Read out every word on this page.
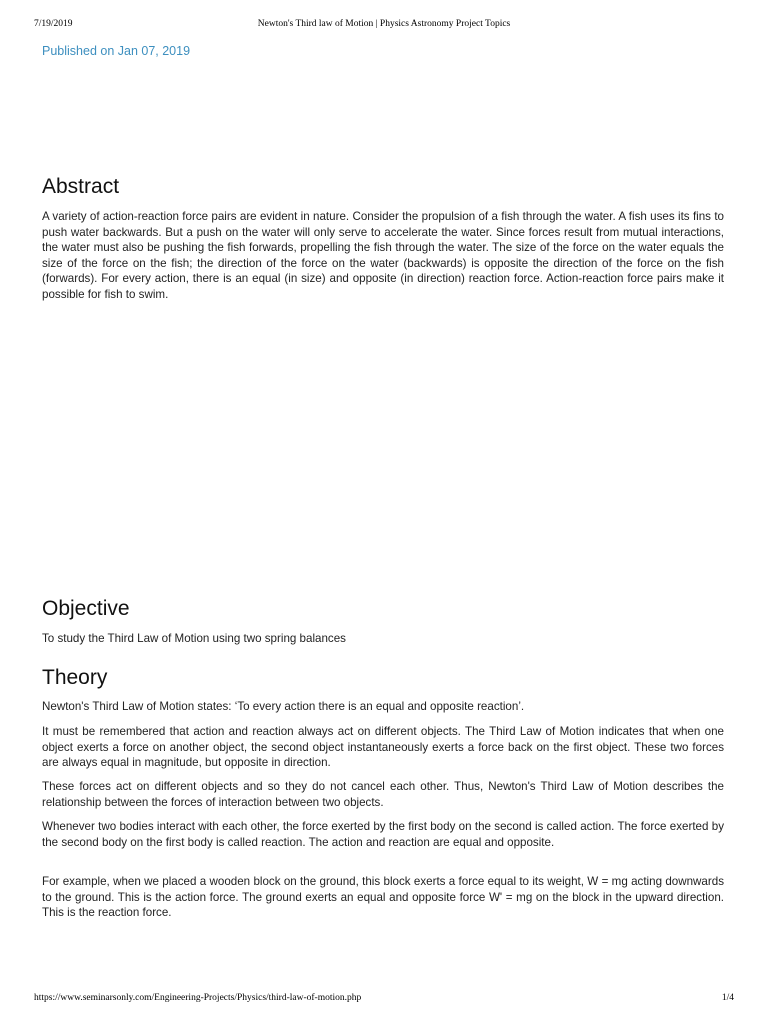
7/19/2019	Newton's Third law of Motion | Physics Astronomy Project Topics
Published on Jan 07, 2019
Abstract

A variety of action-reaction force pairs are evident in nature. Consider the propulsion of a fish through the water. A fish uses its fins to push water backwards. But a push on the water will only serve to accelerate the water. Since forces result from mutual interactions, the water must also be pushing the fish forwards, propelling the fish through the water. The size of the force on the water equals the size of the force on the fish; the direction of the force on the water (backwards) is opposite the direction of the force on the fish (forwards). For every action, there is an equal (in size) and opposite (in direction) reaction force. Action-reaction force pairs make it possible for fish to swim.

Objective

To study the Third Law of Motion using two spring balances

Theory

Newton's Third Law of Motion states: ‘To every action there is an equal and opposite reaction’.

It must be remembered that action and reaction always act on different objects. The Third Law of Motion indicates that when one object exerts a force on another object, the second object instantaneously exerts a force back on the first object. These two forces are always equal in magnitude, but opposite in direction.

These forces act on different objects and so they do not cancel each other. Thus, Newton's Third Law of Motion describes the relationship between the forces of interaction between two objects.

Whenever two bodies interact with each other, the force exerted by the first body on the second is called action. The force exerted by the second body on the first body is called reaction. The action and reaction are equal and opposite.

For example, when we placed a wooden block on the ground, this block exerts a force equal to its weight, W = mg acting downwards to the ground. This is the action force. The ground exerts an equal and opposite force W' = mg on the block in the upward direction. This is the reaction force.

https://www.seminarsonly.com/Engineering-Projects/Physics/third-law-of-motion.php	1/4
